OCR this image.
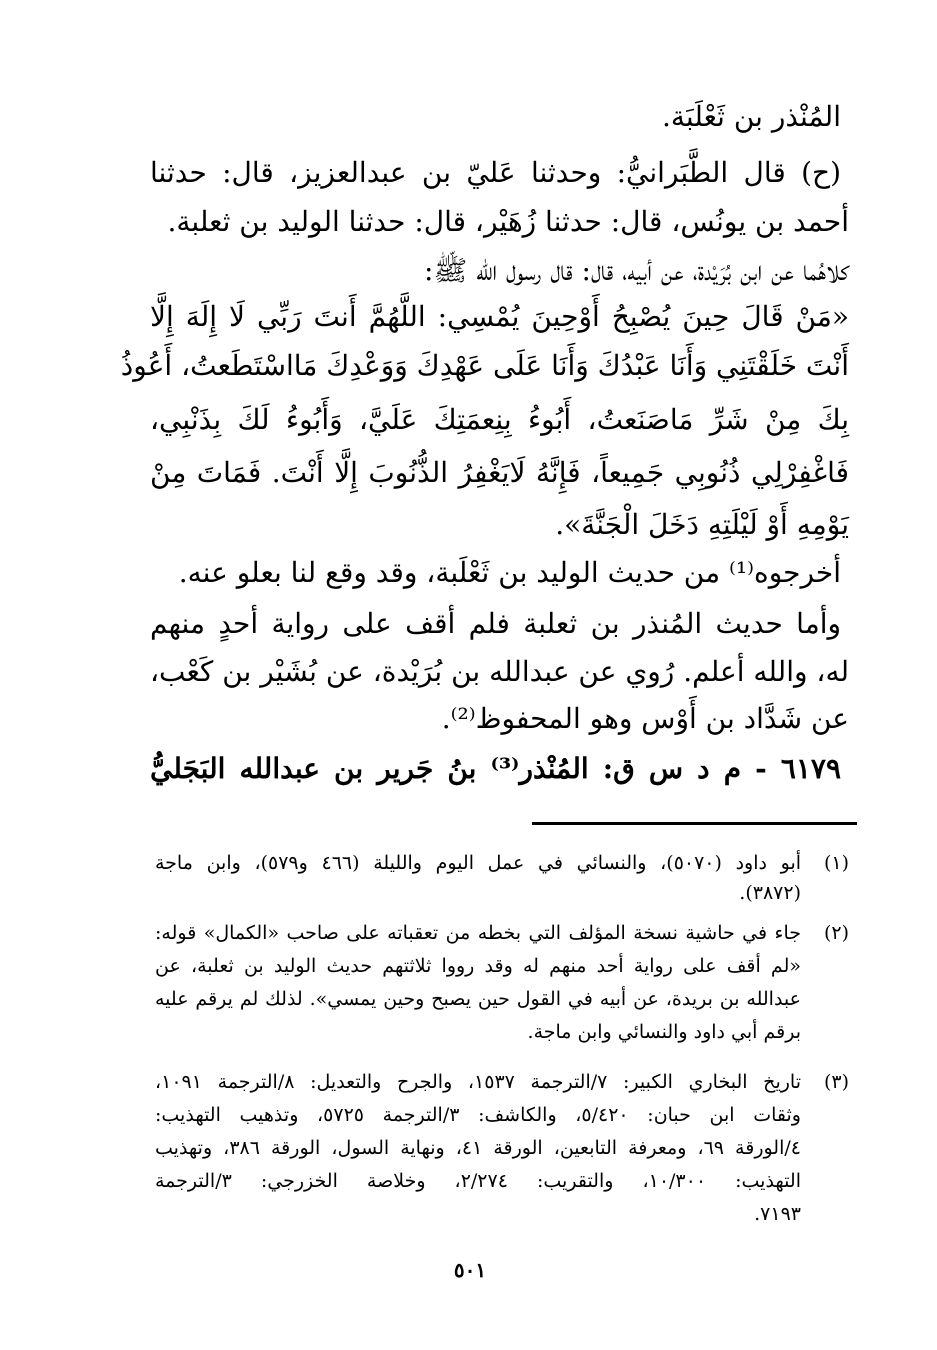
المُنْذر بن ثَعْلَبَة.
(ح) قال الطَّبَرانيُّ: وحدثنا عَليّ بن عبدالعزيز، قال: حدثنا
أحمد بن يونُس، قال: حدثنا زُهَيْر، قال: حدثنا الوليد بن ثعلبة.
كلاهُما عن ابن بُرَيْدة، عن أبيه، قال: قال رسول الله ﷺ:
«مَنْ قَالَ حِينَ يُصْبِحُ أَوْحِينَ يُمْسِي: اللَّهُمَّ أَنتَ رَبِّي لَا إِلَهَ إِلَّا
أَنْتَ خَلَقْتَنِي وَأَنَا عَبْدُكَ وَأَنَا عَلَى عَهْدِكَ وَوَعْدِكَ مَااسْتَطَعتُ، أَعُوذُ
بِكَ مِنْ شَرِّ مَاصَنَعتُ، أَبُوءُ بِنِعمَتِكَ عَلَيَّ، وَأَبُوءُ لَكَ بِذَنْبِي،
فَاغْفِرْلِي ذُنُوبِي جَمِيعاً، فَإِنَّهُ لَايَغْفِرُ الذُّنُوبَ إِلَّا أَنْتَ. فَمَاتَ مِنْ
يَوْمِهِ أَوْ لَيْلَتِهِ دَخَلَ الْجَنَّةَ».
أخرجوه⁽¹⁾ من حديث الوليد بن ثَعْلَبة، وقد وقع لنا بعلو عنه.
وأما حديث المُنذر بن ثعلبة فلم أقف على رواية أحدٍ منهم
له، والله أعلم. رُوي عن عبدالله بن بُرَيْدة، عن بُشَيْر بن كَعْب،
عن شَدَّاد بن أَوْس وهو المحفوظ⁽²⁾.
٦١٧٩ - م د س ق: المُنْذر⁽³⁾ بنُ جَرير بن عبدالله البَجَليُّ
(١)
أبو داود (٥٠٧٠)، والنسائي في عمل اليوم والليلة (٤٦٦ و٥٧٩)، وابن ماجة
(٣٨٧٢).
(٢)
جاء في حاشية نسخة المؤلف التي بخطه من تعقباته على صاحب «الكمال» قوله:
«لم أقف على رواية أحد منهم له وقد رووا ثلاثتهم حديث الوليد بن ثعلبة، عن
عبدالله بن بريدة، عن أبيه في القول حين يصبح وحين يمسي». لذلك لم يرقم عليه
برقم أبي داود والنسائي وابن ماجة.
(٣)
تاريخ البخاري الكبير: ٧/الترجمة ١٥٣٧، والجرح والتعديل: ٨/الترجمة ١٠٩١،
وثقات ابن حبان: ٥/٤٢٠، والكاشف: ٣/الترجمة ٥٧٢٥، وتذهيب التهذيب:
٤/الورقة ٦٩، ومعرفة التابعين، الورقة ٤١، ونهاية السول، الورقة ٣٨٦، وتهذيب
التهذيب: ١٠/٣٠٠، والتقريب: ٢/٢٧٤، وخلاصة الخزرجي: ٣/الترجمة
٧١٩٣.
٥٠١
